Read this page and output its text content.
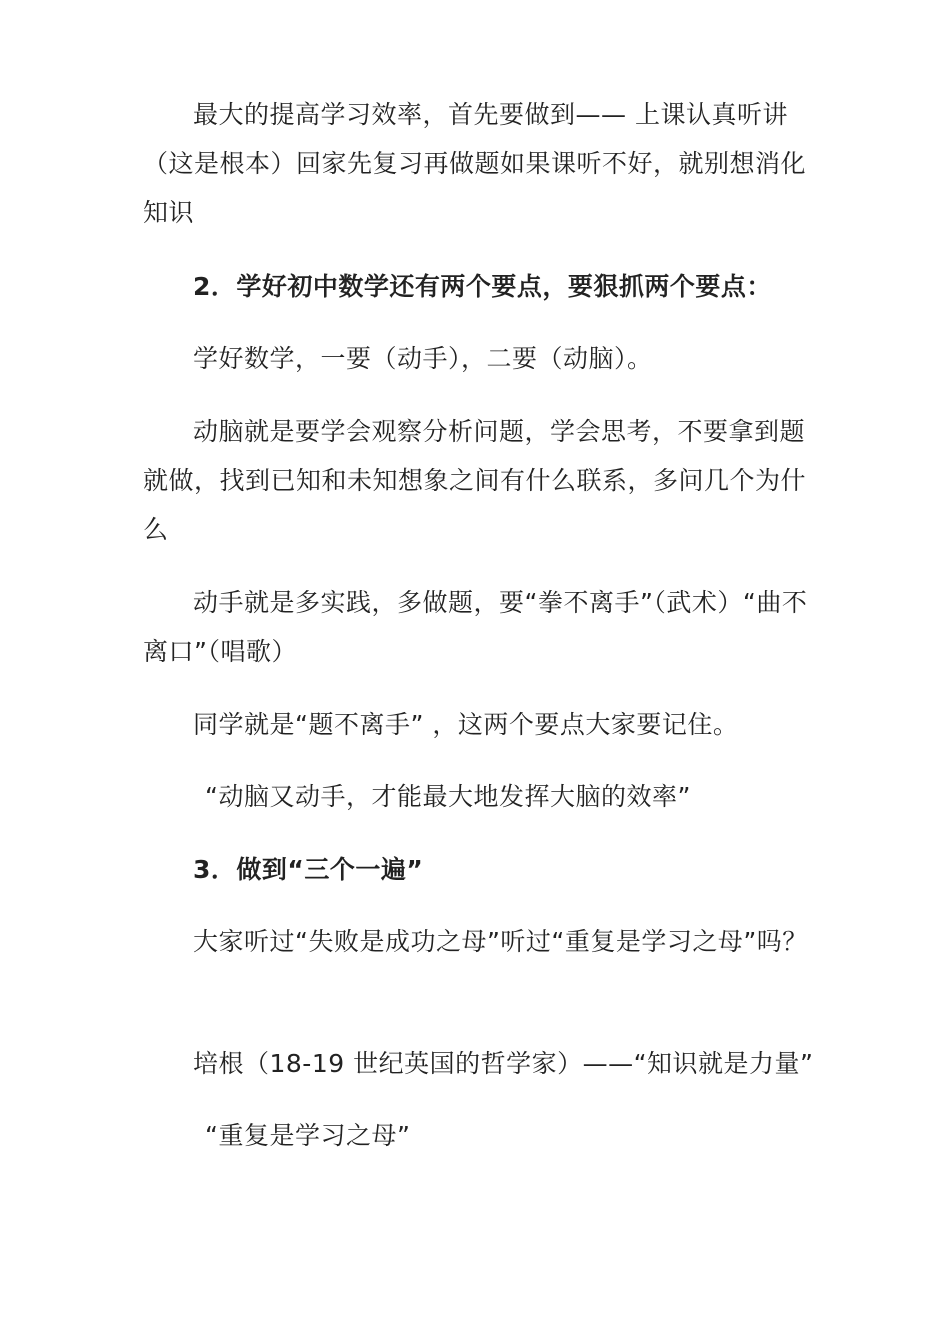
最大的提高学习效率，首先要做到—— 上课认真听讲（这是根本）回家先复习再做题如果课听不好，就别想消化知识
2．学好初中数学还有两个要点，要狠抓两个要点：
学好数学，一要（动手），二要（动脑）。
动脑就是要学会观察分析问题，学会思考，不要拿到题就做，找到已知和未知想象之间有什么联系，多问几个为什么
动手就是多实践，多做题，要“拳不离手”（武术）“曲不离口”（唱歌）
同学就是“题不离手” ，这两个要点大家要记住。
“动脑又动手，才能最大地发挥大脑的效率”
3．做到“三个一遍”
大家听过“失败是成功之母”听过“重复是学习之母”吗？
培根（18-19 世纪英国的哲学家）——“知识就是力量”
“重复是学习之母”
